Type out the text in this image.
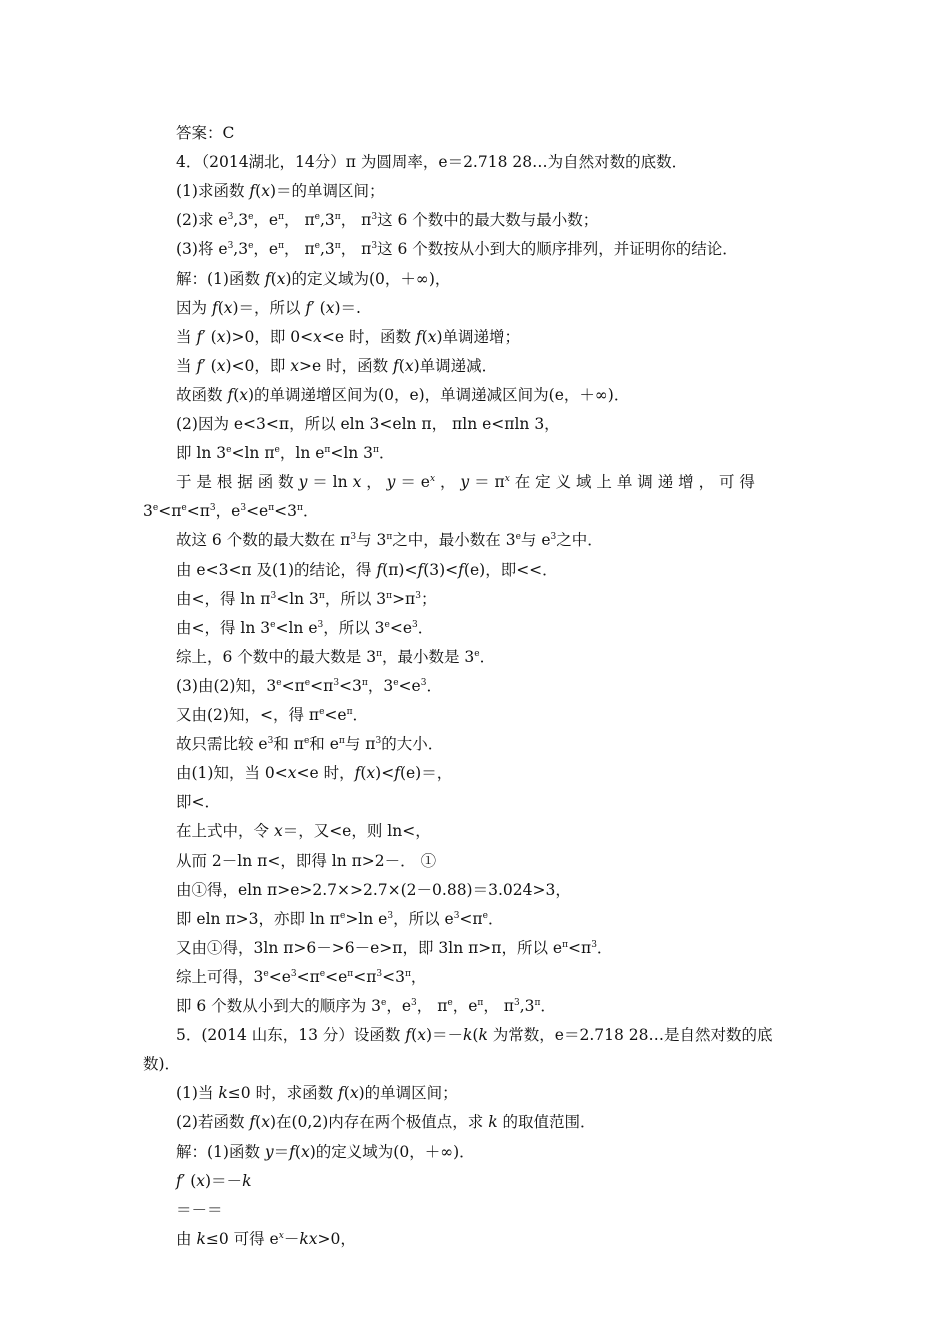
答案：C
4．（2014湖北，14分）π 为圆周率，e＝2.718 28…为自然对数的底数．
(1)求函数 f(x)＝的单调区间；
(2)求 $e^3,3e$，$e^\pi$， $\pi^e,3^\pi$， $\pi^3$这 6 个数中的最大数与最小数；
(3)将 $e^3,3e$，$e^\pi$， $\pi^e,3^\pi$， $\pi^3$这 6 个数按从小到大的顺序排列，并证明你的结论．
解：(1)函数 f(x)的定义域为(0，＋∞)，
因为 f(x)＝，所以 f′ (x)＝.
当 f′ (x)>0，即 0<x<e 时，函数 f(x)单调递增；
当 f′ (x)<0，即 x>e 时，函数 f(x)单调递减．
故函数 f(x)的单调递增区间为(0，e)，单调递减区间为(e，＋∞)．
(2)因为 e<3<π，所以 eln 3<eln π， πln e<πln 3，
即 $\ln 3^e<\ln$ $\pi^e$，$\ln e^\pi<\ln$ $3^\pi$．
于 是 根 据 函 数 y ＝ ln x ， $y = e^x$ ， $y = \pi^x$ 在 定 义 域 上 单 调 递 增 ， 可 得
$3^e<\pi^e<\pi^3$，$e^3<e^\pi<3^\pi$．
故这 6 个数的最大数在 $\pi^3$与 $3^\pi$之中，最小数在 3e与 $e^3$之中．
由 e<3<π 及(1)的结论，得 f(π)<f(3)<f(e)，即<<．
由<，得 $\ln \pi^3<\ln$ $3^\pi$，所以 $3^\pi>\pi^3$；
由<，得 $\ln 3^e<\ln$ $e^3$，所以 $3^e<e^3$．
综上，6 个数中的最大数是 $3^\pi$，最小数是 3e．
(3)由(2)知，$3^e<\pi^e<\pi^3<3^\pi$，$3^e<e^3$．
又由(2)知，<，得 $\pi^e<e^\pi$．
故只需比较 $e^3$和 $\pi^e$和 $e^\pi$与 $\pi^3$的大小．
由(1)知，当 0<x<e 时，f(x)<f(e)＝，
即<．
在上式中，令 x＝，又<e，则 ln<，
从而 2－ln π<，即得 ln π>2－． ①
由①得，eln π>e>2.7×>2.7×(2－0.88)＝3.024>3，
即 eln π>3，亦即 $\ln \pi^e>\ln$ $e^3$，所以 $e^3<\pi^e$．
又由①得，3ln π>6－>6－e>π，即 3ln π>π，所以 $e^\pi<\pi^3$．
综上可得，$3^e<e^3<\pi^e<e^\pi<\pi^3<3^\pi$，
即 6 个数从小到大的顺序为 3e，$e^3$， $\pi^e$，$e^\pi$， $\pi^3,3^\pi$．
5．(2014 山东，13 分）设函数 f(x)＝－k(k 为常数，e＝2.718 28…是自然对数的底
数)．
(1)当 k≤0 时，求函数 f(x)的单调区间；
(2)若函数 f(x)在(0,2)内存在两个极值点，求 k 的取值范围．
解：(1)函数 y＝f(x)的定义域为(0，＋∞)．
f′ (x)＝－k
＝－＝
由 k≤0 可得 $e^x-kx>0$，
